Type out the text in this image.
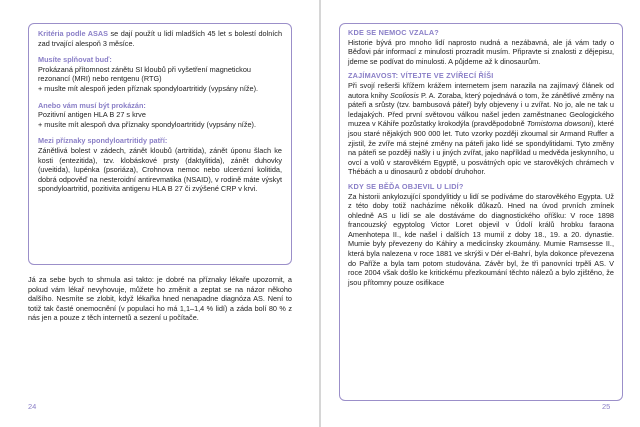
Kritéria podle ASAS se dají použít u lidí mladších 45 let s bolestí dolních zad trvající alespoň 3 měsíce.

Musíte splňovat buď:

Prokázaná přítomnost zánětu SI kloubů při vyšetření magnetickou rezonancí (MRI) nebo rentgenu (RTG)

+ muslte mít alespoň jeden příznak spondyloartritidy (vypsány níže).

Anebo vám musí být prokázán:

Pozitivní antigen HLA B 27 s krve

+ musíte mít alespoň dva příznaky spondyloartritidy (vypsány níže).

Mezi příznaky spondyloartritidy patří:

Zánětlivá bolest v zádech, zánět kloubů (artritida), zánět úponu šlach ke kosti (entezitida), tzv. klobáskové prsty (daktylitida), zánět duhovky (uveitida), lupénka (psoriáza), Crohnova nemoc nebo ulcerózní kolitida, dobrá odpověď na nesteroidní antirevmatika (NSAID), v rodině máte výskyt spondyloartritid, pozitivita antigenu HLA B 27 či zvýšené CRP v krvi.

Já za sebe bych to shrnula asi takto: je dobré na příznaky lékaře upozornit, a pokud vám lékař nevyhovuje, můžete ho změnit a zeptat se na názor někoho dalšího. Nesmíte se zlobit, když lékařka hned nenapadne diagnóza AS. Není to totiž tak časté onemocnění (v populaci ho má 1,1–1,4 % lidí) a záda bolí 80 % z nás jen a pouze z těch internetů a sezení u počítače.

24

KDE SE NEMOC VZALA?

Historie bývá pro mnoho lidí naprosto nudná a nezábavná, ale já vám tady o Běďovi pár informací z minulosti prozradit musím. Připravte si znalosti z dějepisu, jdeme se podívat do minulosti. A půjdeme až k dinosaurům.

ZAJÍMAVOST: VÍTEJTE VE ZVÍŘECÍ ŘÍŠI

Při svojí rešerši křížem krážem internetem jsem narazila na zajímavý článek od autora knihy Scoliosis P. A. Zoraba, který pojednává o tom, že zánětlivé změny na páteři a srůsty (tzv. bambusová páteř) byly objeveny i u zvířat. No jo, ale ne tak u ledajakých. Před první světovou válkou našel jeden zaměstnanec Geologického muzea v Káhiře pozůstatky krokodýla (pravděpodobně Tomistoma dowsoni), které jsou staré nějakých 900 000 let. Tuto vzorky později zkoumal sir Armand Ruffer a zjistil, že zvíře má stejné změny na páteři jako lidé se spondylitidami. Tyto změny na páteři se později našly i u jiných zvířat, jako například u medvěda jeskynního, u ovcí a volů v starověkém Egyptě, u posvátných opic ve starověkých chrámech v Thébách a u dinosaurů z období druhohor.

KDY SE BĚĎA OBJEVIL U LIDÍ?

Za historii ankylozující spondylitidy u lidí se podíváme do starověkého Egypta. Už z této doby totiž nacházíme několik důkazů. Hned na úvod prvních zmínek ohledně AS u lidí se ale dostáváme do diagnostického oříšku: V roce 1898 francouzský egyptolog Victor Loret objevil v Údolí králů hrobku faraona Amenhotepa II., kde našel i dalších 13 mumií z doby 18., 19. a 20. dynastie. Mumie byly převezeny do Káhiry a medicínsky zkoumány. Mumie Ramsesse II., která byla nalezena v roce 1881 ve skrýši v Dér el-Bahrí, byla dokonce převezena do Paříže a byla tam potom studována. Závěr byl, že tři panovníci trpěli AS. V roce 2004 však došlo ke kritickému přezkoumání těchto nálezů a bylo zjištěno, že jsou přítomny pouze osifikace

25
